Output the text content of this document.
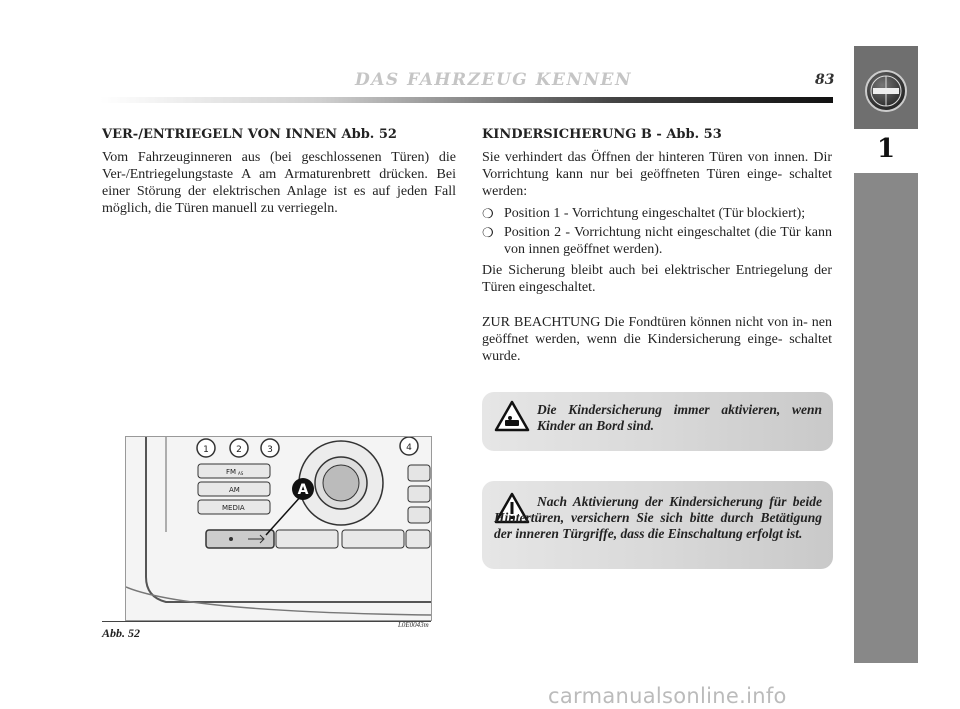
1
DAS FAHRZEUG KENNEN	83
VER-/ENTRIEGELN VON INNEN Abb. 52
Vom Fahrzeuginneren aus (bei geschlossenen Türen) die Ver-/Entriegelungstaste A am Armaturenbrett drücken. Bei einer Störung der elektrischen Anlage ist es auf jeden Fall möglich, die Türen manuell zu verriegeln.
A
1	2	3	4
FM AS
AM
MEDIA
Abb. 52
L0E0043m
KINDERSICHERUNG B - Abb. 53
Sie verhindert das Öffnen der hinteren Türen von innen. Dir Vorrichtung kann nur bei geöffneten Türen einge- schaltet werden:
❍ Position 1 - Vorrichtung eingeschaltet (Tür blockiert);
❍ Position 2 - Vorrichtung nicht eingeschaltet (die Tür kann von innen geöffnet werden).
Die Sicherung bleibt auch bei elektrischer Entriegelung der Türen eingeschaltet.
ZUR BEACHTUNG Die Fondtüren können nicht von in- nen geöffnet werden, wenn die Kindersicherung einge- schaltet wurde.
Die Kindersicherung immer aktivieren, wenn Kinder an Bord sind.
Nach Aktivierung der Kindersicherung für beide Hintertüren, versichern Sie sich bitte durch Betätigung der inneren Türgriffe, dass die Einschaltung erfolgt ist.
carmanualsonline.info
